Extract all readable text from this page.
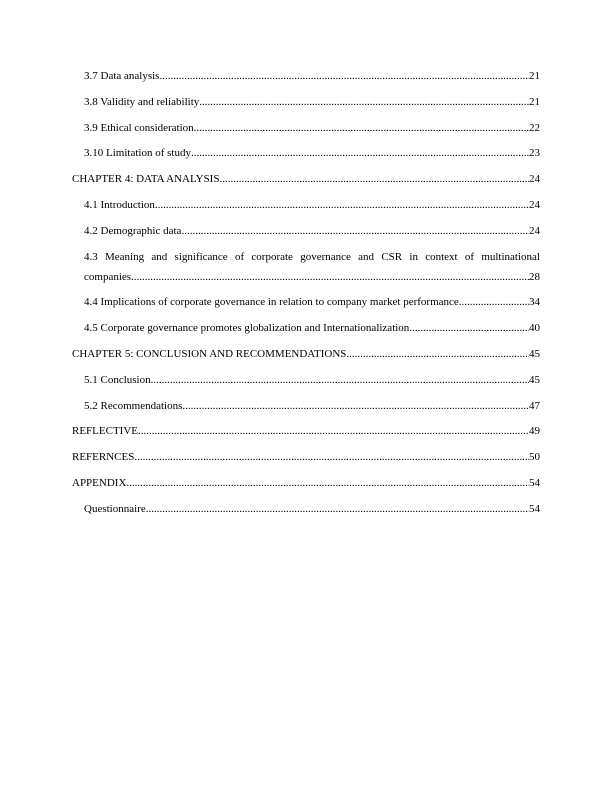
3.7 Data analysis .....	21
3.8 Validity and reliability .....	21
3.9 Ethical consideration .....	22
3.10 Limitation of study .....	23
CHAPTER 4: DATA ANALYSIS .....	24
4.1 Introduction .....	24
4.2 Demographic data .....	24
4.3 Meaning and significance of corporate governance and CSR in context of multinational
companies .....	28
4.4 Implications of corporate governance in relation to company market performance .....	34
4.5 Corporate governance promotes globalization and Internationalization .....	40
CHAPTER 5: CONCLUSION AND RECOMMENDATIONS .....	45
5.1 Conclusion .....	45
5.2 Recommendations .....	47
REFLECTIVE .....	49
REFERNCES .....	50
APPENDIX .....	54
Questionnaire .....	54
